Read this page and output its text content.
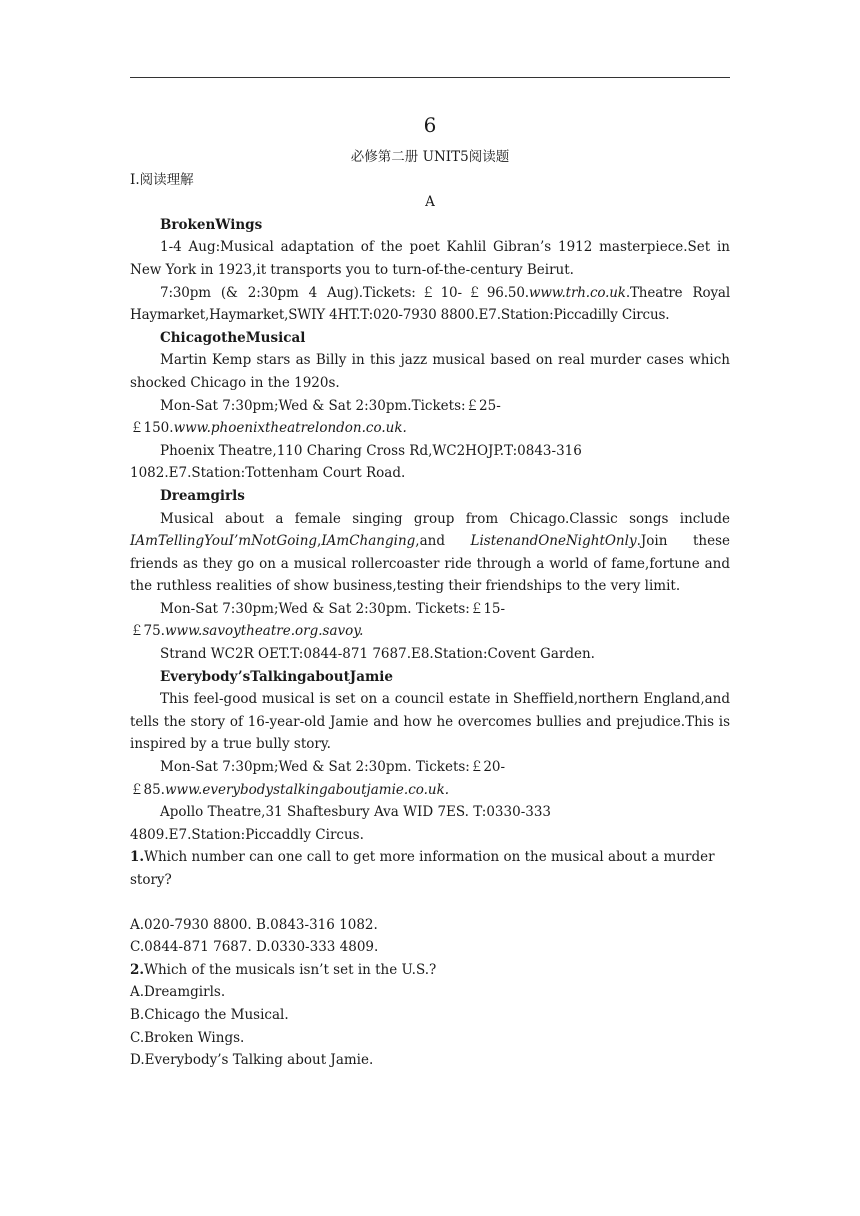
6

必修第二册 UNIT5阅读题

Ⅰ.阅读理解

A

BrokenWings

1-4 Aug:Musical adaptation of the poet Kahlil Gibran’s 1912 masterpiece.Set in New York in 1923,it transports you to turn-of-the-century Beirut.

7:30pm (& 2:30pm 4 Aug).Tickets:￡10-￡96.50.www.trh.co.uk.Theatre Royal Haymarket,Haymarket,SWIY 4HT.T:020-7930 8800.E7.Station:Piccadilly Circus.

ChicagotheMusical

Martin Kemp stars as Billy in this jazz musical based on real murder cases which shocked Chicago in the 1920s.

Mon-Sat 7:30pm;Wed & Sat 2:30pm.Tickets:￡25-

￡150.www.phoenixtheatrelondon.co.uk.

Phoenix Theatre,110 Charing Cross Rd,WC2HOJP.T:0843-316

1082.E7.Station:Tottenham Court Road.

Dreamgirls

Musical about a female singing group from Chicago.Classic songs include IAmTellingYouI’mNotGoing,IAmChanging,and ListenandOneNightOnly.Join these friends as they go on a musical rollercoaster ride through a world of fame,fortune and the ruthless realities of show business,testing their friendships to the very limit.

Mon-Sat 7:30pm;Wed & Sat 2:30pm. Tickets:￡15-

￡75.www.savoytheatre.org.savoy.

Strand WC2R OET.T:0844-871 7687.E8.Station:Covent Garden.

Everybody’sTalkingaboutJamie

This feel-good musical is set on a council estate in Sheffield,northern England,and tells the story of 16-year-old Jamie and how he overcomes bullies and prejudice.This is inspired by a true bully story.

Mon-Sat 7:30pm;Wed & Sat 2:30pm. Tickets:￡20-

￡85.www.everybodystalkingaboutjamie.co.uk.

Apollo Theatre,31 Shaftesbury Ava WID 7ES. T:0330-333

4809.E7.Station:Piccaddly Circus.

1.Which number can one call to get more information on the musical about a murder story?

A.020-7930 8800. B.0843-316 1082.

C.0844-871 7687. D.0330-333 4809.

2.Which of the musicals isn’t set in the U.S.?

A.Dreamgirls.

B.Chicago the Musical.

C.Broken Wings.

D.Everybody’s Talking about Jamie.
